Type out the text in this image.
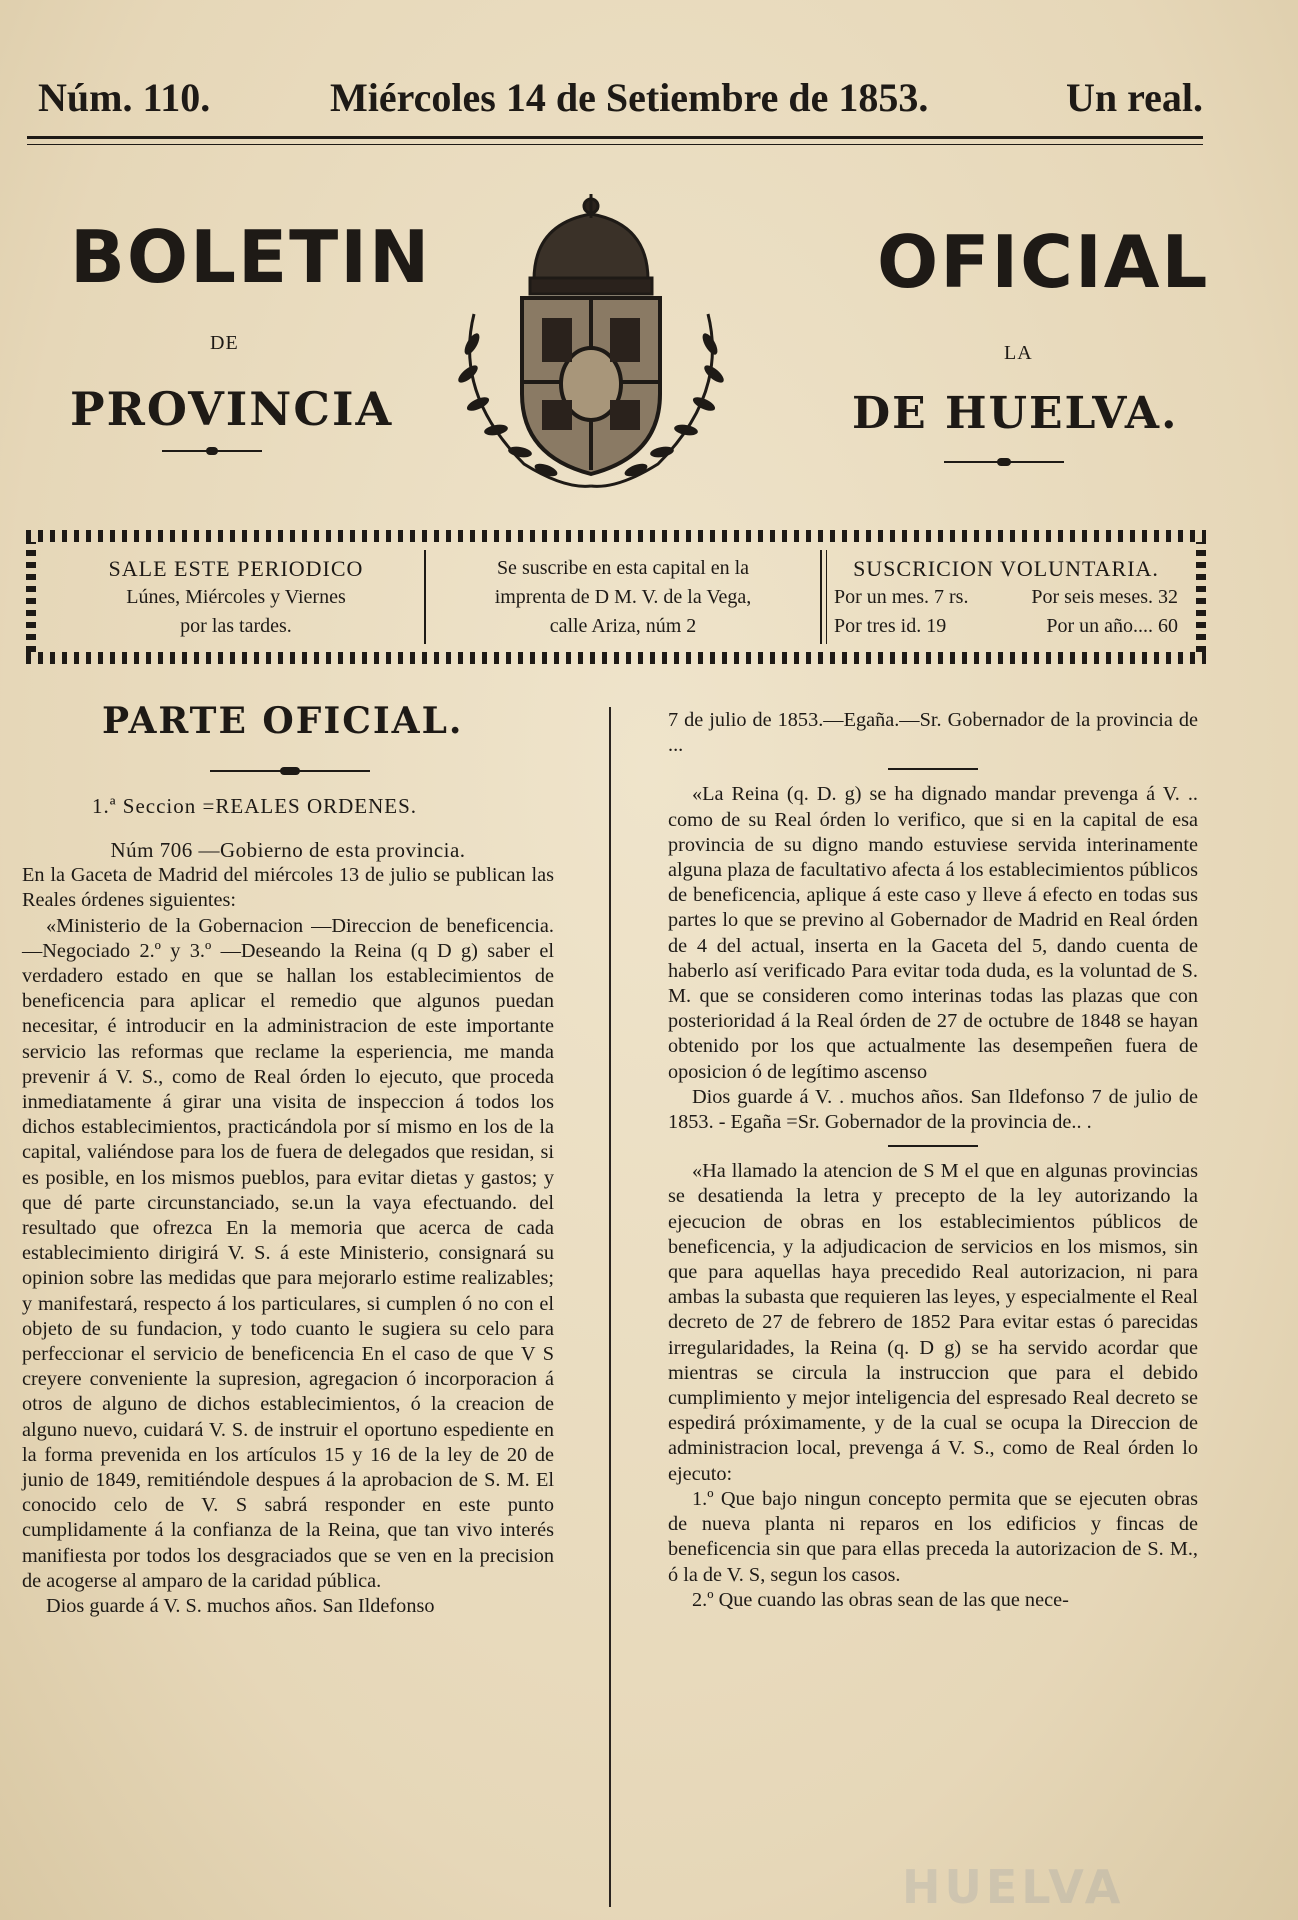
Núm. 110.	Miércoles 14 de Setiembre de 1853.	Un real.
BOLETIN
DE
PROVINCIA
OFICIAL
LA
DE HUELVA.
SALE ESTE PERIODICO
Lúnes, Miércoles y Viernes
por las tardes.
Se suscribe en esta capital en la
imprenta de D M. V. de la Vega,
calle Ariza, núm 2
SUSCRICION VOLUNTARIA.
Por un mes. 7 rs.	Por seis meses. 32
Por tres id. 19	Por un año.... 60
PARTE OFICIAL.
1.ª Seccion =REALES ORDENES.

Núm 706 —Gobierno de esta provincia.

En la Gaceta de Madrid del miércoles 13 de julio se publican las Reales órdenes siguientes:

«Ministerio de la Gobernacion —Direccion de beneficencia.—Negociado 2.º y 3.º —Deseando la Reina (q D g) saber el verdadero estado en que se hallan los establecimientos de beneficencia para aplicar el remedio que algunos puedan necesitar, é introducir en la administracion de este importante servicio las reformas que reclame la esperiencia, me manda prevenir á V. S., como de Real órden lo ejecuto, que proceda inmediatamente á girar una visita de inspeccion á todos los dichos establecimientos, practicándola por sí mismo en los de la capital, valiéndose para los de fuera de delegados que residan, si es posible, en los mismos pueblos, para evitar dietas y gastos; y que dé parte circunstanciado, se.un la vaya efectuando. del resultado que ofrezca En la memoria que acerca de cada establecimiento dirigirá V. S. á este Ministerio, consignará su opinion sobre las medidas que para mejorarlo estime realizables; y manifestará, respecto á los particulares, si cumplen ó no con el objeto de su fundacion, y todo cuanto le sugiera su celo para perfeccionar el servicio de beneficencia En el caso de que V S creyere conveniente la supresion, agregacion ó incorporacion á otros de alguno de dichos establecimientos, ó la creacion de alguno nuevo, cuidará V. S. de instruir el oportuno espediente en la forma prevenida en los artículos 15 y 16 de la ley de 20 de junio de 1849, remitiéndole despues á la aprobacion de S. M. El conocido celo de V. S sabrá responder en este punto cumplidamente á la confianza de la Reina, que tan vivo interés manifiesta por todos los desgraciados que se ven en la precision de acogerse al amparo de la caridad pública.

Dios guarde á V. S. muchos años. San Ildefonso

7 de julio de 1853.—Egaña.—Sr. Gobernador de la provincia de ...

«La Reina (q. D. g) se ha dignado mandar prevenga á V. .. como de su Real órden lo verifico, que si en la capital de esa provincia de su digno mando estuviese servida interinamente alguna plaza de facultativo afecta á los establecimientos públicos de beneficencia, aplique á este caso y lleve á efecto en todas sus partes lo que se previno al Gobernador de Madrid en Real órden de 4 del actual, inserta en la Gaceta del 5, dando cuenta de haberlo así verificado Para evitar toda duda, es la voluntad de S. M. que se consideren como interinas todas las plazas que con posterioridad á la Real órden de 27 de octubre de 1848 se hayan obtenido por los que actualmente las desempeñen fuera de oposicion ó de legítimo ascenso

Dios guarde á V. . muchos años. San Ildefonso 7 de julio de 1853. - Egaña =Sr. Gobernador de la provincia de.. .

«Ha llamado la atencion de S M el que en algunas provincias se desatienda la letra y precepto de la ley autorizando la ejecucion de obras en los establecimientos públicos de beneficencia, y la adjudicacion de servicios en los mismos, sin que para aquellas haya precedido Real autorizacion, ni para ambas la subasta que requieren las leyes, y especialmente el Real decreto de 27 de febrero de 1852 Para evitar estas ó parecidas irregularidades, la Reina (q. D g) se ha servido acordar que mientras se circula la instruccion que para el debido cumplimiento y mejor inteligencia del espresado Real decreto se espedirá próximamente, y de la cual se ocupa la Direccion de administracion local, prevenga á V. S., como de Real órden lo ejecuto:

1.º Que bajo ningun concepto permita que se ejecuten obras de nueva planta ni reparos en los edificios y fincas de beneficencia sin que para ellas preceda la autorizacion de S. M., ó la de V. S, segun los casos.

2.º Que cuando las obras sean de las que nece-

HUELVA
